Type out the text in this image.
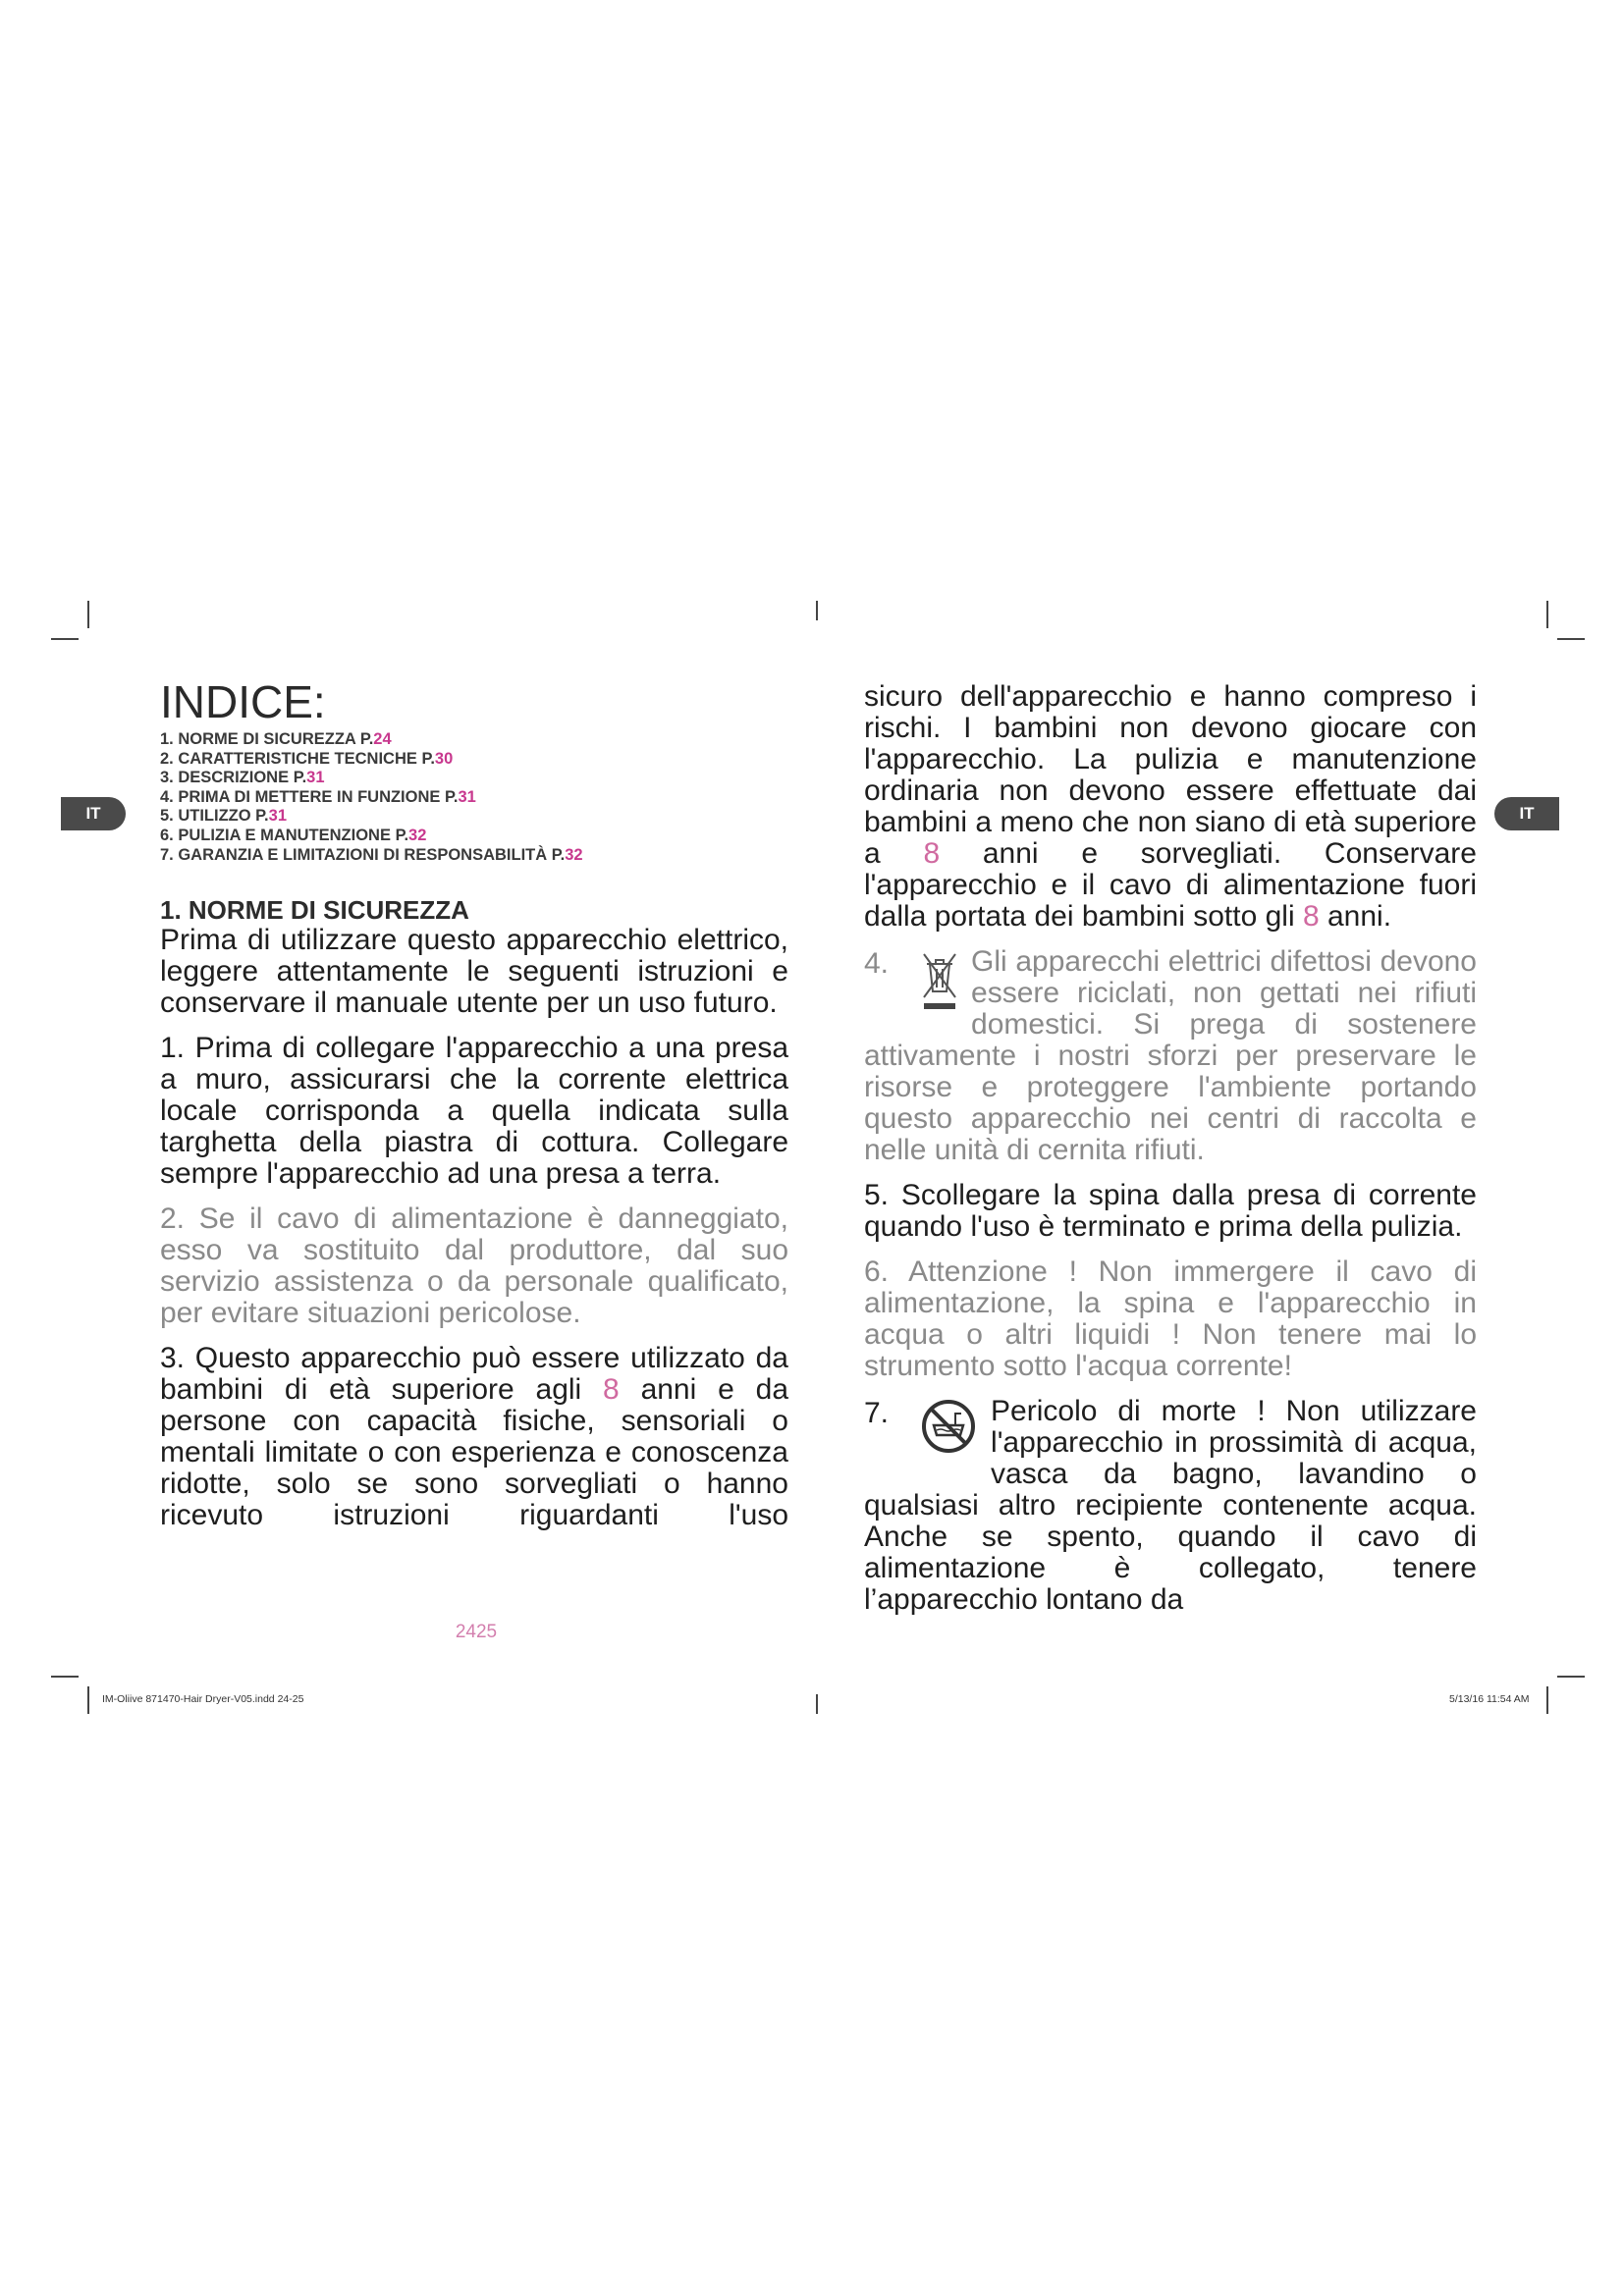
IT	IT
INDICE:
1. NORME DI SICUREZZA P.24
2. CARATTERISTICHE TECNICHE P.30
3. DESCRIZIONE P.31
4. PRIMA DI METTERE IN FUNZIONE P.31
5. UTILIZZO P.31
6. PULIZIA E MANUTENZIONE P.32
7. GARANZIA E LIMITAZIONI DI RESPONSABILITÀ P.32
1. NORME DI SICUREZZA

Prima di utilizzare questo apparecchio elettrico, leggere attentamente le seguenti istruzioni e conservare il manuale utente per un uso futuro.

1. Prima di collegare l'apparecchio a una presa a muro, assicurarsi che la corrente elettrica locale corrisponda a quella indicata sulla targhetta della piastra di cottura. Collegare sempre l'apparecchio ad una presa a terra.

2. Se il cavo di alimentazione è danneggiato, esso va sostituito dal produttore, dal suo servizio assistenza o da personale qualificato, per evitare situazioni pericolose.

3. Questo apparecchio può essere utilizzato da bambini di età superiore agli 8 anni e da persone con capacità fisiche, sensoriali o mentali limitate o con esperienza e conoscenza ridotte, solo se sono sorvegliati o hanno ricevuto istruzioni riguardanti l'uso

sicuro dell'apparecchio e hanno compreso i rischi. I bambini non devono giocare con l'apparecchio. La pulizia e manutenzione ordinaria non devono essere effettuate dai bambini a meno che non siano di età superiore a 8 anni e sorvegliati. Conservare l'apparecchio e il cavo di alimentazione fuori dalla portata dei bambini sotto gli 8 anni.

4.	Gli apparecchi elettrici difettosi devono essere riciclati, non gettati nei rifiuti domestici. Si prega di sostenere attivamente i nostri sforzi per preservare le risorse e proteggere l'ambiente portando questo apparecchio nei centri di raccolta e nelle unità di cernita rifiuti.

5. Scollegare la spina dalla presa di corrente quando l'uso è terminato e prima della pulizia.

6. Attenzione ! Non immergere il cavo di alimentazione, la spina e l'apparecchio in acqua o altri liquidi ! Non tenere mai lo strumento sotto l'acqua corrente!

7.	Pericolo di morte ! Non utilizzare l'apparecchio in prossimità di acqua, vasca da bagno, lavandino o qualsiasi altro recipiente contenente acqua. Anche se spento, quando il cavo di alimentazione è collegato, tenere l’apparecchio lontano da

2425
IM-Oliive 871470-Hair Dryer-V05.indd 24-25	5/13/16 11:54 AM
